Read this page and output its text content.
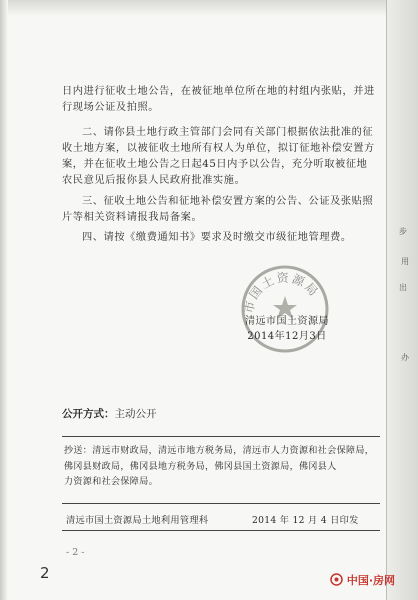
步
用
出
办

日内进行征收土地公告，在被征地单位所在地的村组内张贴，并进行现场公证及拍照。

二、请你县土地行政主管部门会同有关部门根据依法批准的征收土地方案，以被征收土地所有权人为单位，拟订征地补偿安置方案，并在征收土地公告之日起45日内予以公告，充分听取被征地农民意见后报你县人民政府批准实施。

三、征收土地公告和征地补偿安置方案的公告、公证及张贴照片等相关资料请报我局备案。

四、请按《缴费通知书》要求及时缴交市级征地管理费。

市国土资源局
清远市国土资源局
2014年12月3日
公开方式：主动公开
抄送：清远市财政局，清远市地方税务局，清远市人力资源和社会保障局，
佛冈县财政局，佛冈县地方税务局，佛冈县国土资源局，佛冈县人
力资源和社会保障局。
清远市国土资源局土地利用管理科	2014 年 12 月 4 日印发
- 2 -
2	中国·房网
